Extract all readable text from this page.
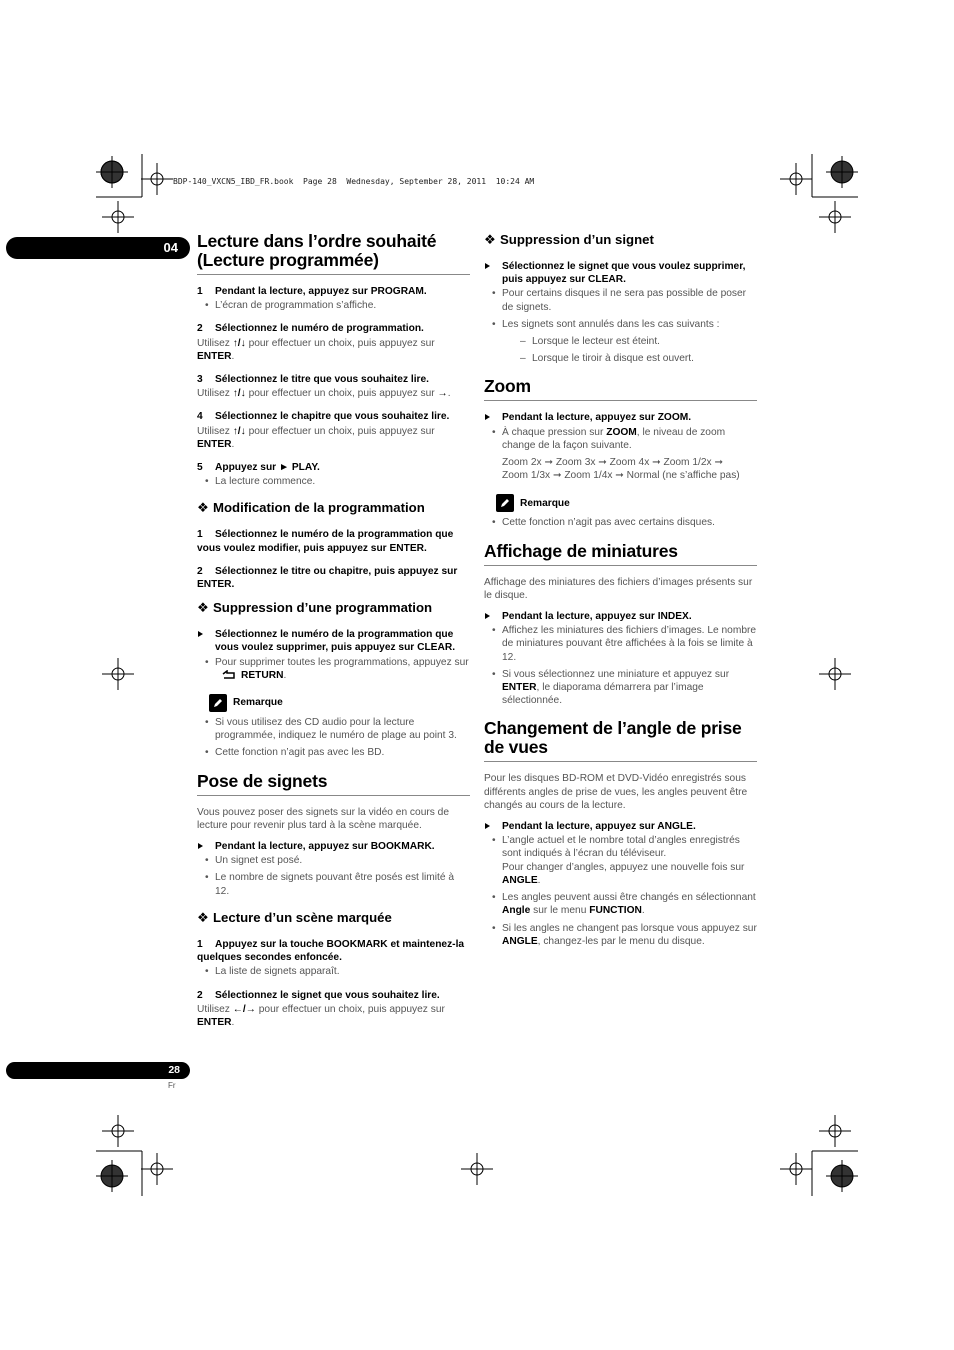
BDP-140_VXCN5_IBD_FR.book  Page 28  Wednesday, September 28, 2011  10:24 AM
04
28
Fr
Lecture dans l’ordre souhaité (Lecture programmée)
1 Pendant la lecture, appuyez sur PROGRAM.
• L’écran de programmation s’affiche.
2 Sélectionnez le numéro de programmation.
Utilisez ↑/↓ pour effectuer un choix, puis appuyez sur ENTER.
3 Sélectionnez le titre que vous souhaitez lire.
Utilisez ↑/↓ pour effectuer un choix, puis appuyez sur →.
4 Sélectionnez le chapitre que vous souhaitez lire.
Utilisez ↑/↓ pour effectuer un choix, puis appuyez sur ENTER.
5 Appuyez sur ► PLAY.
• La lecture commence.
❖ Modification de la programmation
1 Sélectionnez le numéro de la programmation que vous voulez modifier, puis appuyez sur ENTER.
2 Sélectionnez le titre ou chapitre, puis appuyez sur ENTER.
❖ Suppression d’une programmation
Sélectionnez le numéro de la programmation que vous voulez supprimer, puis appuyez sur CLEAR.
• Pour supprimer toutes les programmations, appuyez sur RETURN.
Remarque
• Si vous utilisez des CD audio pour la lecture programmée, indiquez le numéro de plage au point 3.
• Cette fonction n’agit pas avec les BD.
Pose de signets
Vous pouvez poser des signets sur la vidéo en cours de lecture pour revenir plus tard à la scène marquée.
Pendant la lecture, appuyez sur BOOKMARK.
• Un signet est posé.
• Le nombre de signets pouvant être posés est limité à 12.
❖ Lecture d’un scène marquée
1 Appuyez sur la touche BOOKMARK et maintenez-la quelques secondes enfoncée.
• La liste de signets apparaît.
2 Sélectionnez le signet que vous souhaitez lire.
Utilisez ←/→ pour effectuer un choix, puis appuyez sur ENTER.
❖ Suppression d’un signet
Sélectionnez le signet que vous voulez supprimer, puis appuyez sur CLEAR.
• Pour certains disques il ne sera pas possible de poser de signets.
• Les signets sont annulés dans les cas suivants :
– Lorsque le lecteur est éteint.
– Lorsque le tiroir à disque est ouvert.
Zoom
Pendant la lecture, appuyez sur ZOOM.
• À chaque pression sur ZOOM, le niveau de zoom change de la façon suivante.
Zoom 2x ➞ Zoom 3x ➞ Zoom 4x ➞ Zoom 1/2x ➞
Zoom 1/3x ➞ Zoom 1/4x ➞ Normal (ne s’affiche pas)
Remarque
• Cette fonction n’agit pas avec certains disques.
Affichage de miniatures
Affichage des miniatures des fichiers d’images présents sur le disque.
Pendant la lecture, appuyez sur INDEX.
• Affichez les miniatures des fichiers d’images. Le nombre de miniatures pouvant être affichées à la fois se limite à 12.
• Si vous sélectionnez une miniature et appuyez sur ENTER, le diaporama démarrera par l’image sélectionnée.
Changement de l’angle de prise de vues
Pour les disques BD-ROM et DVD-Vidéo enregistrés sous différents angles de prise de vues, les angles peuvent être changés au cours de la lecture.
Pendant la lecture, appuyez sur ANGLE.
• L’angle actuel et le nombre total d’angles enregistrés sont indiqués à l’écran du téléviseur.
Pour changer d’angles, appuyez une nouvelle fois sur ANGLE.
• Les angles peuvent aussi être changés en sélectionnant Angle sur le menu FUNCTION.
• Si les angles ne changent pas lorsque vous appuyez sur ANGLE, changez-les par le menu du disque.
